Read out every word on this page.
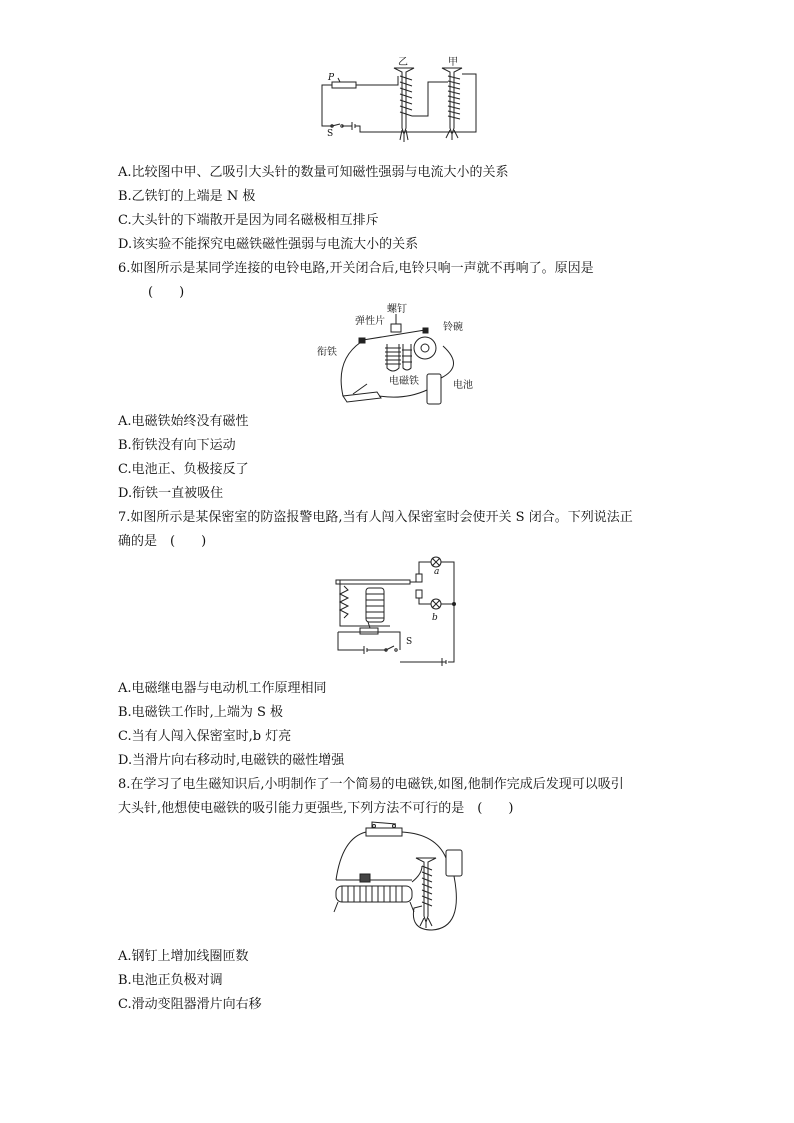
乙	甲
P
S
A.比较图中甲、乙吸引大头针的数量可知磁性强弱与电流大小的关系
B.乙铁钉的上端是 N 极
C.大头针的下端散开是因为同名磁极相互排斥
D.该实验不能探究电磁铁磁性强弱与电流大小的关系
6.如图所示是某同学连接的电铃电路,开关闭合后,电铃只响一声就不再响了。原因是
(　　)
螺钉
弹性片
铃碗
衔铁
电磁铁	电池
A.电磁铁始终没有磁性
B.衔铁没有向下运动
C.电池正、负极接反了
D.衔铁一直被吸住
7.如图所示是某保密室的防盗报警电路,当有人闯入保密室时会使开关 S 闭合。下列说法正
确的是　(　　)
a
b
S
A.电磁继电器与电动机工作原理相同
B.电磁铁工作时,上端为 S 极
C.当有人闯入保密室时,b 灯亮
D.当滑片向右移动时,电磁铁的磁性增强
8.在学习了电生磁知识后,小明制作了一个简易的电磁铁,如图,他制作完成后发现可以吸引
大头针,他想使电磁铁的吸引能力更强些,下列方法不可行的是　(　　)
A.钢钉上增加线圈匝数
B.电池正负极对调
C.滑动变阻器滑片向右移
